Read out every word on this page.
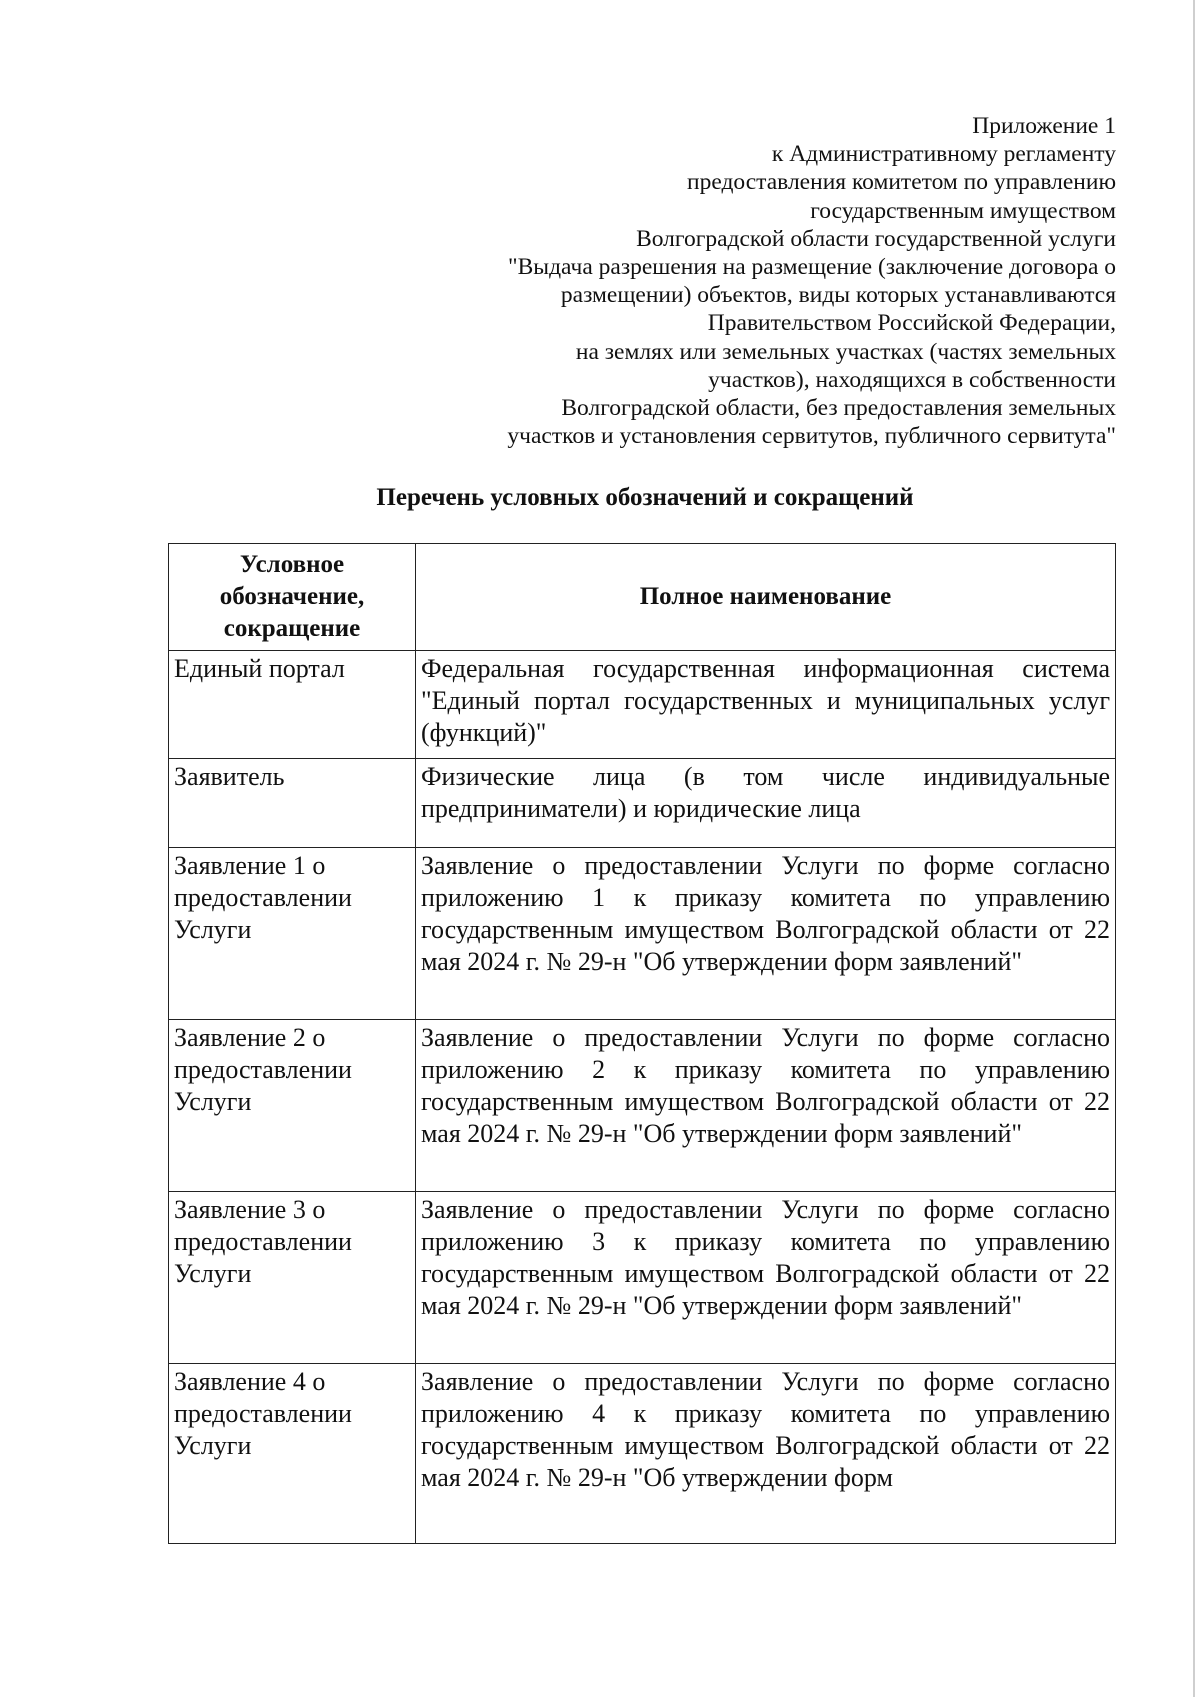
Приложение 1
к Административному регламенту
предоставления комитетом по управлению
государственным имуществом
Волгоградской области государственной услуги
"Выдача разрешения на размещение (заключение договора о
размещении) объектов, виды которых устанавливаются
Правительством Российской Федерации,
на землях или земельных участках (частях земельных
участков), находящихся в собственности
Волгоградской области, без предоставления земельных
участков и установления сервитутов, публичного сервитута"
Перечень условных обозначений и сокращений
Условное обозначение, сокращение	Полное наименование
Единый портал	Федеральная государственная информационная система "Единый портал государственных и муниципальных услуг (функций)"
Заявитель	Физические лица (в том числе индивидуальные предприниматели) и юридические лица
Заявление 1 о предоставлении Услуги	Заявление о предоставлении Услуги по форме согласно приложению 1 к приказу комитета по управлению государственным имуществом Волгоградской области от 22 мая 2024 г. № 29-н "Об утверждении форм заявлений"
Заявление 2 о предоставлении Услуги	Заявление о предоставлении Услуги по форме согласно приложению 2 к приказу комитета по управлению государственным имуществом Волгоградской области от 22 мая 2024 г. № 29-н "Об утверждении форм заявлений"
Заявление 3 о предоставлении Услуги	Заявление о предоставлении Услуги по форме согласно приложению 3 к приказу комитета по управлению государственным имуществом Волгоградской области от 22 мая 2024 г. № 29-н "Об утверждении форм заявлений"
Заявление 4 о предоставлении Услуги	Заявление о предоставлении Услуги по форме согласно приложению 4 к приказу комитета по управлению государственным имуществом Волгоградской области от 22 мая 2024 г. № 29-н "Об утверждении форм
